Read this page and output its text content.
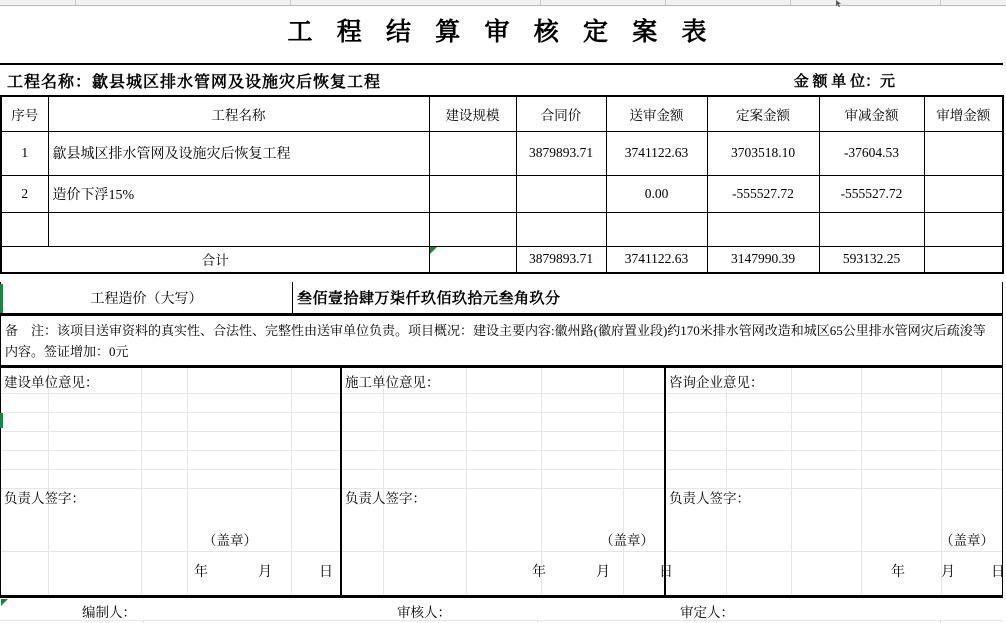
工 程 结 算 审 核 定 案 表
工程名称：歙县城区排水管网及设施灾后恢复工程	金 额 单 位：元
序号	工程名称	建设规模	合同价	送审金额	定案金额	审减金额	审增金额
1	歙县城区排水管网及设施灾后恢复工程		3879893.71	3741122.63	3703518.10	-37604.53	
2	造价下浮15%			0.00	-555527.72	-555527.72	

合计			3879893.71	3741122.63	3147990.39	593132.25	
工程造价（大写）	叁佰壹拾肆万柒仟玖佰玖拾元叁角玖分
备　注：该项目送审资料的真实性、合法性、完整性由送审单位负责。项目概况：建设主要内容:徽州路(徽府置业段)约170米排水管网改造和城区65公里排水管网灾后疏浚等内容。签证增加：0元
建设单位意见：
负责人签字：
（盖章）
年	月	日
施工单位意见：
负责人签字：
（盖章）
年	月	日
咨询企业意见：
负责人签字：
（盖章）
年	月	日
编制人：	审核人：	审定人：
